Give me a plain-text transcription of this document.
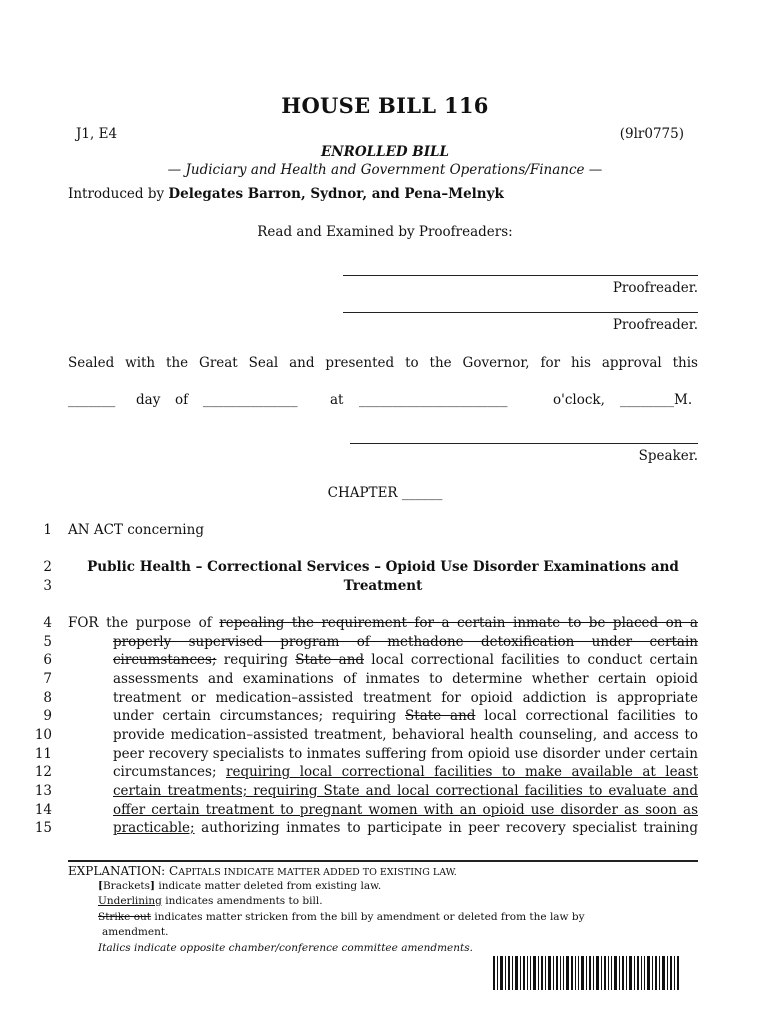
HOUSE BILL 116
J1, E4	(9lr0775)
ENROLLED BILL
— Judiciary and Health and Government Operations/Finance —
Introduced by Delegates Barron, Sydnor, and Pena–Melnyk
Read and Examined by Proofreaders:
Proofreader.
Proofreader.
Sealed with the Great Seal and presented to the Governor, for his approval this
_______ day of ______________ at ______________________	o'clock, ________M.
Speaker.
CHAPTER ______
1
2
3
4
5
6
7
8
9
10
11
12
13
14
15
AN ACT concerning
Public Health – Correctional Services – Opioid Use Disorder Examinations and
Treatment
FOR the purpose of repealing the requirement for a certain inmate to be placed on a
properly supervised program of methadone detoxification under certain
circumstances; requiring State and local correctional facilities to conduct certain
assessments and examinations of inmates to determine whether certain opioid
treatment or medication–assisted treatment for opioid addiction is appropriate
under certain circumstances; requiring State and local correctional facilities to
provide medication–assisted treatment, behavioral health counseling, and access to
peer recovery specialists to inmates suffering from opioid use disorder under certain
circumstances; requiring local correctional facilities to make available at least
certain treatments; requiring State and local correctional facilities to evaluate and
offer certain treatment to pregnant women with an opioid use disorder as soon as
practicable; authorizing inmates to participate in peer recovery specialist training
EXPLANATION: CAPITALS INDICATE MATTER ADDED TO EXISTING LAW.
[Brackets] indicate matter deleted from existing law.
Underlining indicates amendments to bill.
Strike out indicates matter stricken from the bill by amendment or deleted from the law by
amendment.
Italics indicate opposite chamber/conference committee amendments.
